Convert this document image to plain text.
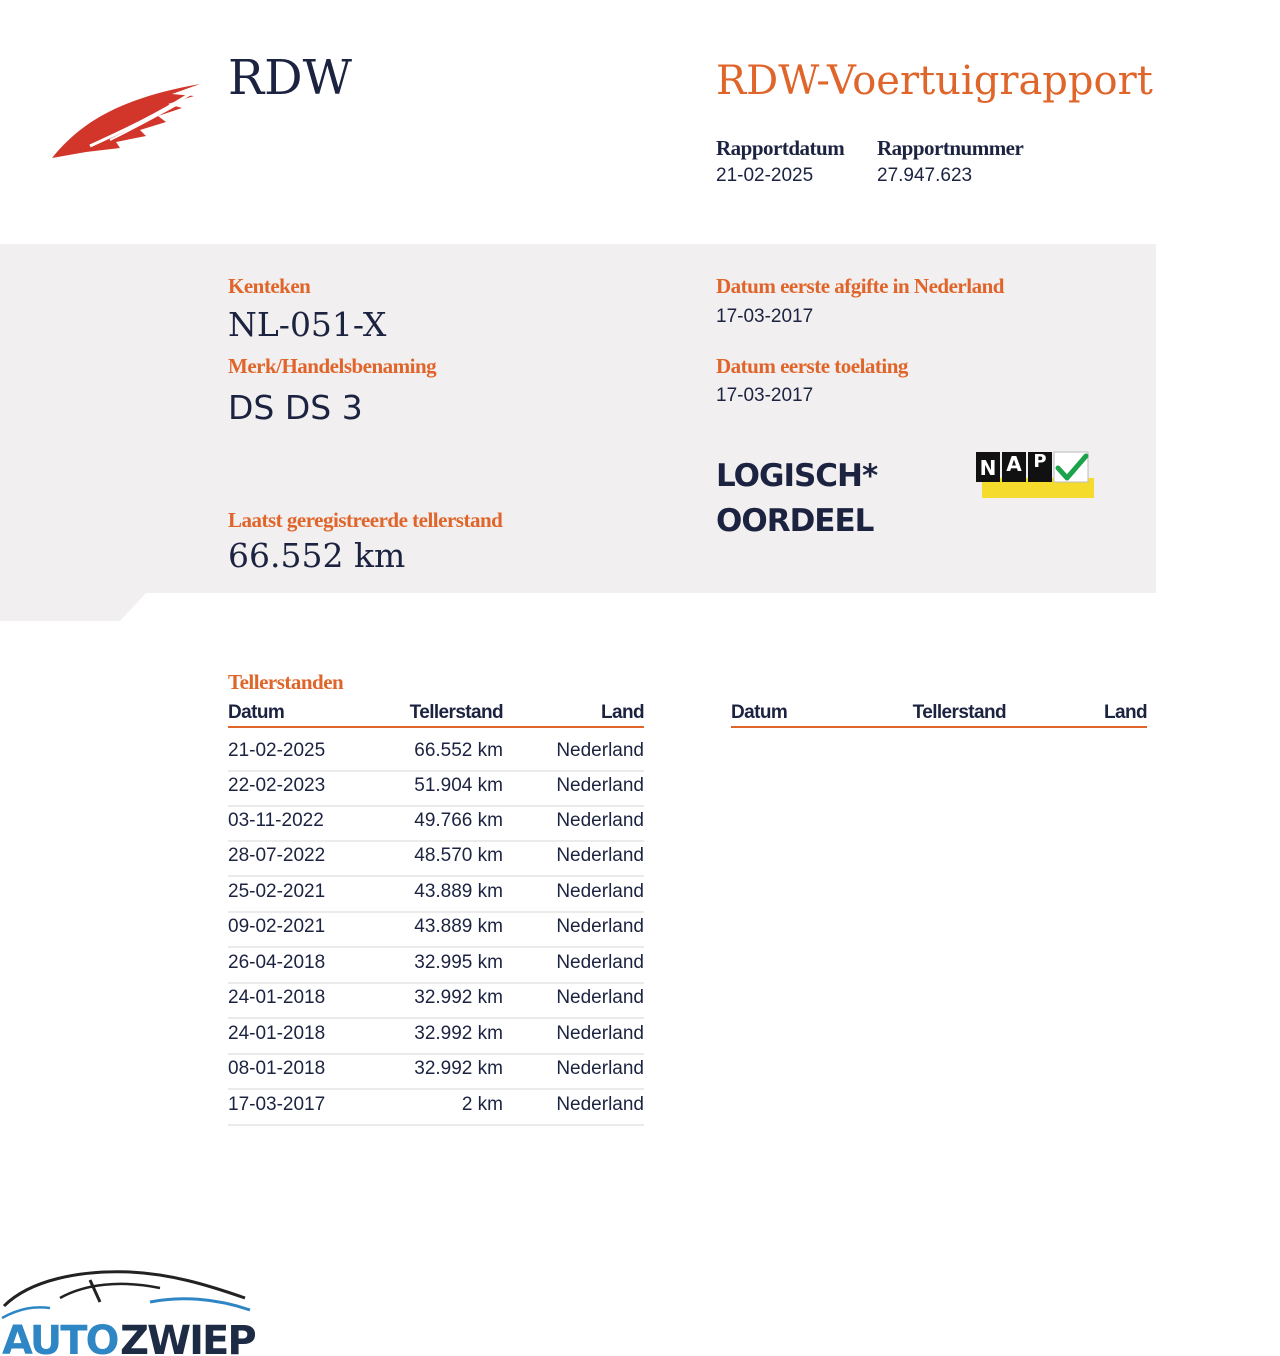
RDW	RDW-Voertuigrapport
Rapportdatum
21-02-2025
Rapportnummer
27.947.623
Kenteken
NL-051-X
Merk/Handelsbenaming
DS DS 3
Laatst geregistreerde tellerstand
66.552 km
Datum eerste afgifte in Nederland
17-03-2017
Datum eerste toelating
17-03-2017
LOGISCH*
OORDEEL
N A P
Tellerstanden
Datum	Tellerstand	Land	Datum	Tellerstand	Land
21-02-2025	66.552 km	Nederland
22-02-2023	51.904 km	Nederland
03-11-2022	49.766 km	Nederland
28-07-2022	48.570 km	Nederland
25-02-2021	43.889 km	Nederland
09-02-2021	43.889 km	Nederland
26-04-2018	32.995 km	Nederland
24-01-2018	32.992 km	Nederland
24-01-2018	32.992 km	Nederland
08-01-2018	32.992 km	Nederland
17-03-2017	2 km	Nederland
AUTO ZWIEP
